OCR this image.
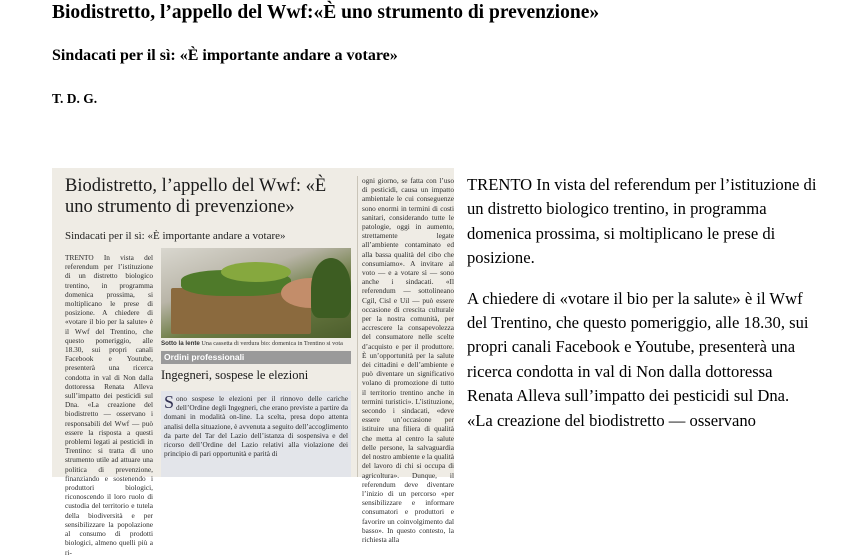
Biodistretto, l’appello del Wwf:«È uno strumento di prevenzione»
Sindacati per il sì: «È importante andare a votare»

T. D. G.

Biodistretto, l’appello del Wwf: «È uno strumento di prevenzione»

Sindacati per il sì: «È importante andare a votare»

TRENTO In vista del referendum per l’istituzione di un distretto biologico trentino, in programma domenica prossima, si moltiplicano le prese di posizione. A chiedere di «votare il bio per la salute» è il Wwf del Trentino, che questo pomeriggio, alle 18.30, sui propri canali Facebook e Youtube, presenterà una ricerca condotta in val di Non dalla dottoressa Renata Alleva sull’impatto dei pesticidi sul Dna. «La creazione del biodistretto — osservano i responsabili del Wwf — può essere la risposta a questi problemi legati ai pesticidi in Trentino: si tratta di uno strumento utile ad attuare una politica di prevenzione, finanziando e sostenendo i produttori biologici, riconoscendo il loro ruolo di custodia del territorio e tutela della biodiversità e per sensibilizzare la popolazione al consumo di prodotti biologici, almeno quelli più a ri-

Sotto la lente Una cassetta di verdura bio: domenica in Trentino si vota

Ordini professionali

Ingegneri, sospese le elezioni

Sono sospese le elezioni per il rinnovo delle cariche dell’Ordine degli Ingegneri, che erano previste a partire da domani in modalità on-line. La scelta, presa dopo attenta analisi della situazione, è avvenuta a seguito dell’accoglimento da parte del Tar del Lazio dell’istanza di sospensiva e del ricorso dell’Ordine del Lazio relativi alla violazione dei principio di pari opportunità e parità di

ogni giorno, se fatta con l’uso di pesticidi, causa un impatto ambientale le cui conseguenze sono enormi in termini di costi sanitari, considerando tutte le patologie, oggi in aumento, strettamente legate all’ambiente contaminato ed alla bassa qualità del cibo che consumiamo». A invitare al voto — e a votare sì — sono anche i sindacati. «Il referendum — sottolineano Cgil, Cisl e Uil — può essere occasione di crescita culturale per la nostra comunità, per accrescere la consapevolezza del consumatore nelle scelte d’acquisto e per il produttore. È un’opportunità per la salute dei cittadini e dell’ambiente e può diventare un significativo volano di promozione di tutto il territorio trentino anche in termini turistici». L’istituzione, secondo i sindacati, «deve essere un’occasione per istituire una filiera di qualità che metta al centro la salute delle persone, la salvaguardia del nostro ambiente e la qualità del lavoro di chi si occupa di agricoltura». Dunque, il referendum deve diventare l’inizio di un percorso «per sensibilizzare e informare consumatori e produttori e favorire un coinvolgimento dal basso». In questo contesto, la richiesta alla

TRENTO In vista del referendum per l’istituzione di un distretto biologico trentino, in programma domenica prossima, si moltiplicano le prese di posizione.

A chiedere di «votare il bio per la salute» è il Wwf del Trentino, che questo pomeriggio, alle 18.30, sui propri canali Facebook e Youtube, presenterà una ricerca condotta in val di Non dalla dottoressa Renata Alleva sull’impatto dei pesticidi sul Dna. «La creazione del biodistretto — osservano
